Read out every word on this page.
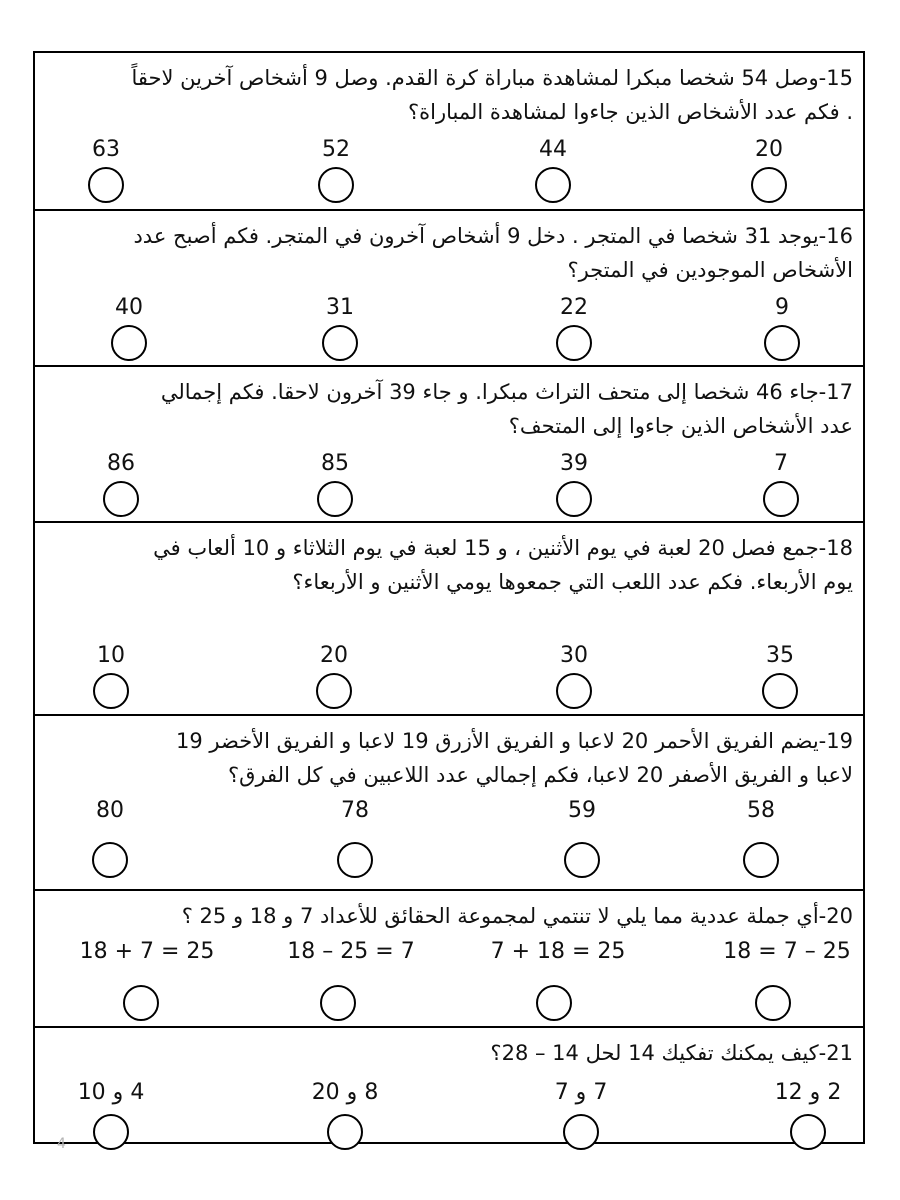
15-وصل 54 شخصا مبكرا لمشاهدة مباراة كرة القدم. وصل 9 أشخاص آخرين لاحقاً
. فكم عدد الأشخاص الذين جاءوا لمشاهدة المباراة؟
63	52	44	20
16-يوجد 31 شخصا في المتجر . دخل 9 أشخاص آخرون في المتجر. فكم أصبح عدد
الأشخاص الموجودين في المتجر؟
40	31	22	9
17-جاء 46 شخصا إلى متحف التراث مبكرا. و جاء 39 آخرون لاحقا. فكم إجمالي
عدد الأشخاص الذين جاءوا إلى المتحف؟
86	85	39	7
18-جمع فصل 20 لعبة في يوم الأثنين ، و 15 لعبة في يوم الثلاثاء و 10 ألعاب في
يوم الأربعاء. فكم عدد اللعب التي جمعوها يومي الأثنين و الأربعاء؟
10	20	30	35
19-يضم الفريق الأحمر 20 لاعبا و الفريق الأزرق 19 لاعبا و الفريق الأخضر 19
لاعبا و الفريق الأصفر 20 لاعبا، فكم إجمالي عدد اللاعبين في كل الفرق؟
80	78	59	58
20-أي جملة عددية مما يلي لا تنتمي لمجموعة الحقائق للأعداد 7 و 18 و 25 ؟
18 + 7 = 25	18 – 25 = 7	7 + 18 = 25	18 = 7 – 25
21-كيف يمكنك تفكيك 14 لحل 14 – 28؟
4 و 10	8 و 20	7 و 7	2 و 12
4
